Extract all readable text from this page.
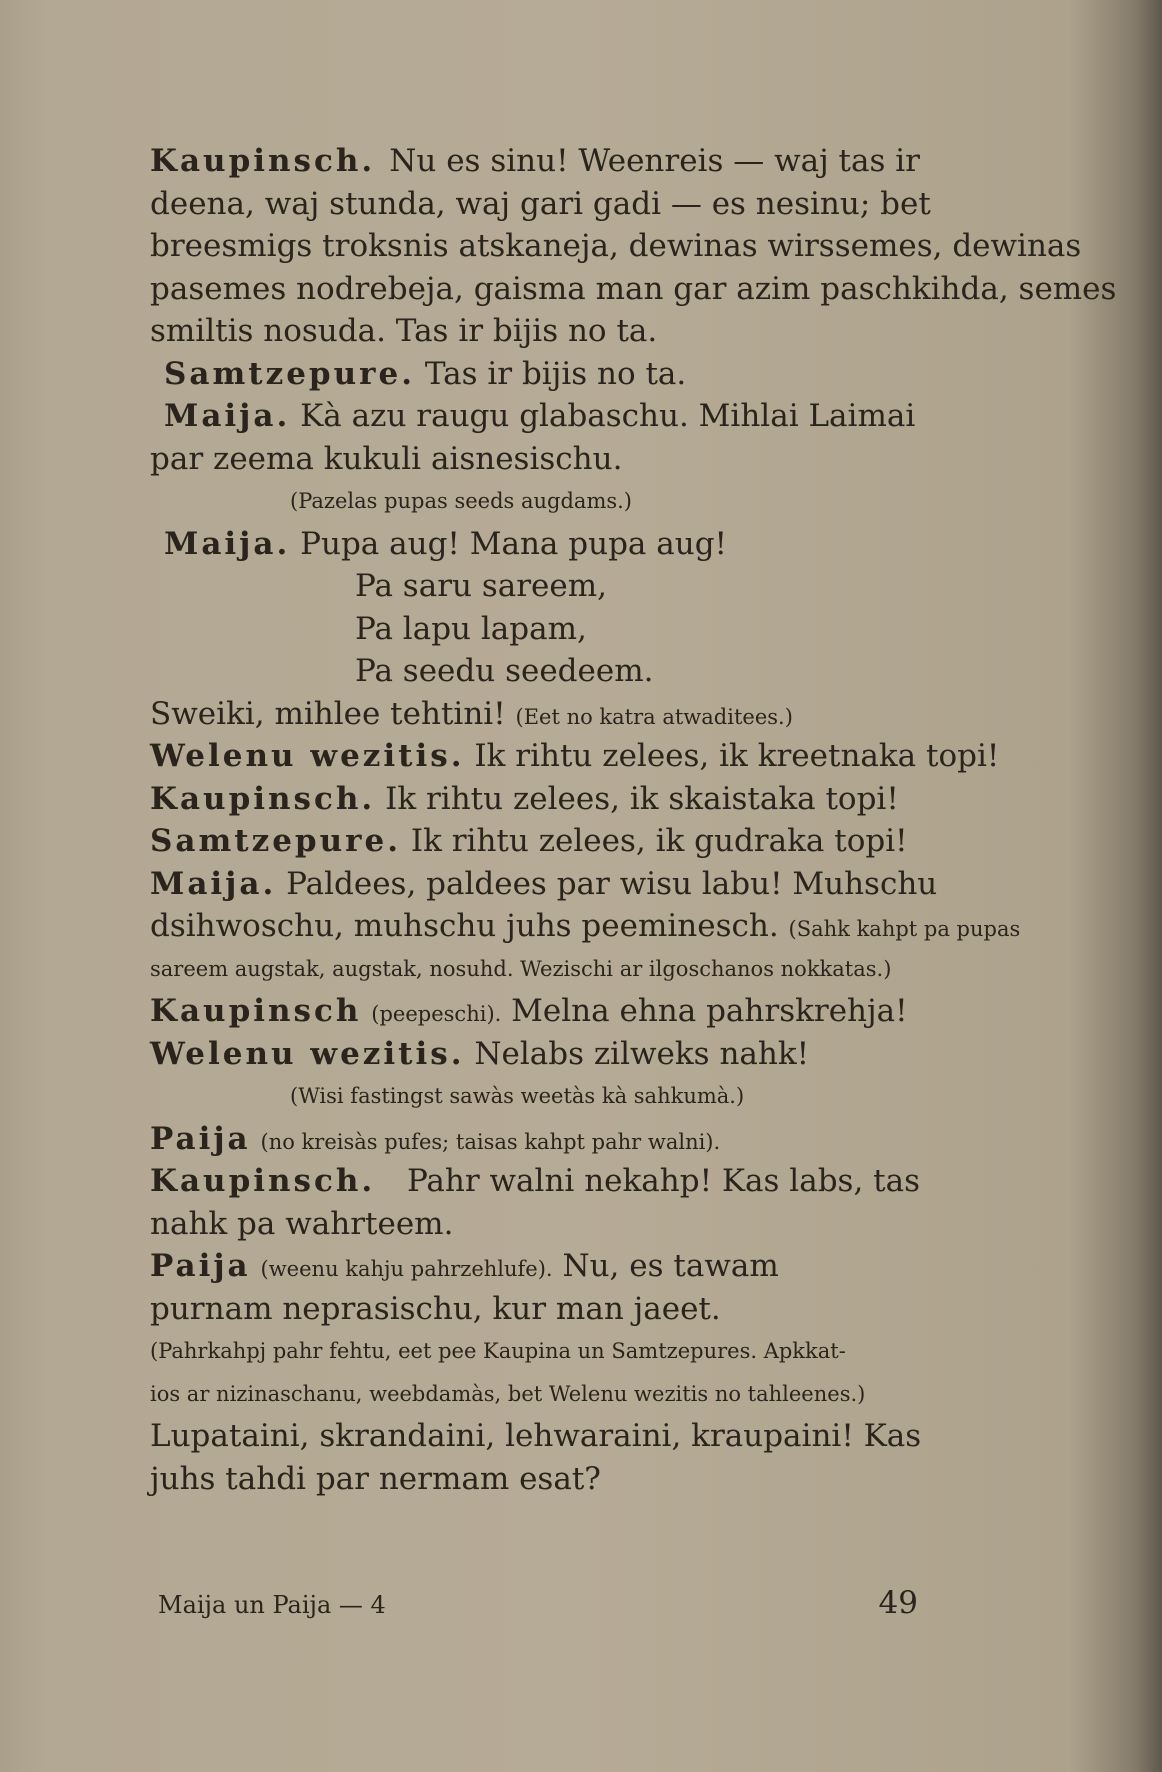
Kaupinsch. Nu es sinu! Weenreis — waj tas ir
deena, waj stunda, waj gari gadi — es nesinu; bet
breesmigs troksnis atskaneja, dewinas wirssemes, dewinas
pasemes nodrebeja, gaisma man gar azim paschkihda, semes
smiltis nosuda. Tas ir bijis no ta.
Samtzepure.
Tas ir bijis no ta.
Maija.
Kà azu raugu glabaschu. Mihlai Laimai
par zeema kukuli aisnesischu.
(Pazelas pupas seeds augdams.)
Maija.
Pupa aug! Mana pupa aug!
Pa saru sareem,
Pa lapu lapam,
Pa seedu seedeem.
Sweiki, mihlee tehtini!
(Eet no katra atwaditees.)
Welenu wezitis.
Ik rihtu zelees, ik kreetnaka topi!
Kaupinsch.
Ik rihtu zelees, ik skaistaka topi!
Samtzepure.
Ik rihtu zelees, ik gudraka topi!
Maija.
Paldees, paldees par wisu labu! Muhschu
dsihwoschu, muhschu juhs peeminesch.
(Sahk kahpt pa pupas
sareem augstak, augstak, nosuhd. Wezischi ar ilgoschanos nokkatas.)
Kaupinsch
(peepeschi).
Melna ehna pahrskrehja!
Welenu wezitis.
Nelabs zilweks nahk!
(Wisi fastingst sawàs weetàs kà sahkumà.)
Paija
(no kreisàs pufes; taisas kahpt pahr walni).
Kaupinsch. Pahr walni nekahp! Kas labs, tas
nahk pa wahrteem.
Paija
(weenu kahju pahrzehlufe).
Nu, es tawam
purnam neprasischu, kur man jaeet.
(Pahrkahpj pahr fehtu, eet pee Kaupina un Samtzepures. Apkkat-
ios ar nizinaschanu, weebdamàs, bet Welenu wezitis no tahleenes.)
Lupataini, skrandaini, lehwaraini, kraupaini! Kas
juhs tahdi par nermam esat?
Maija un Paija — 4	49
